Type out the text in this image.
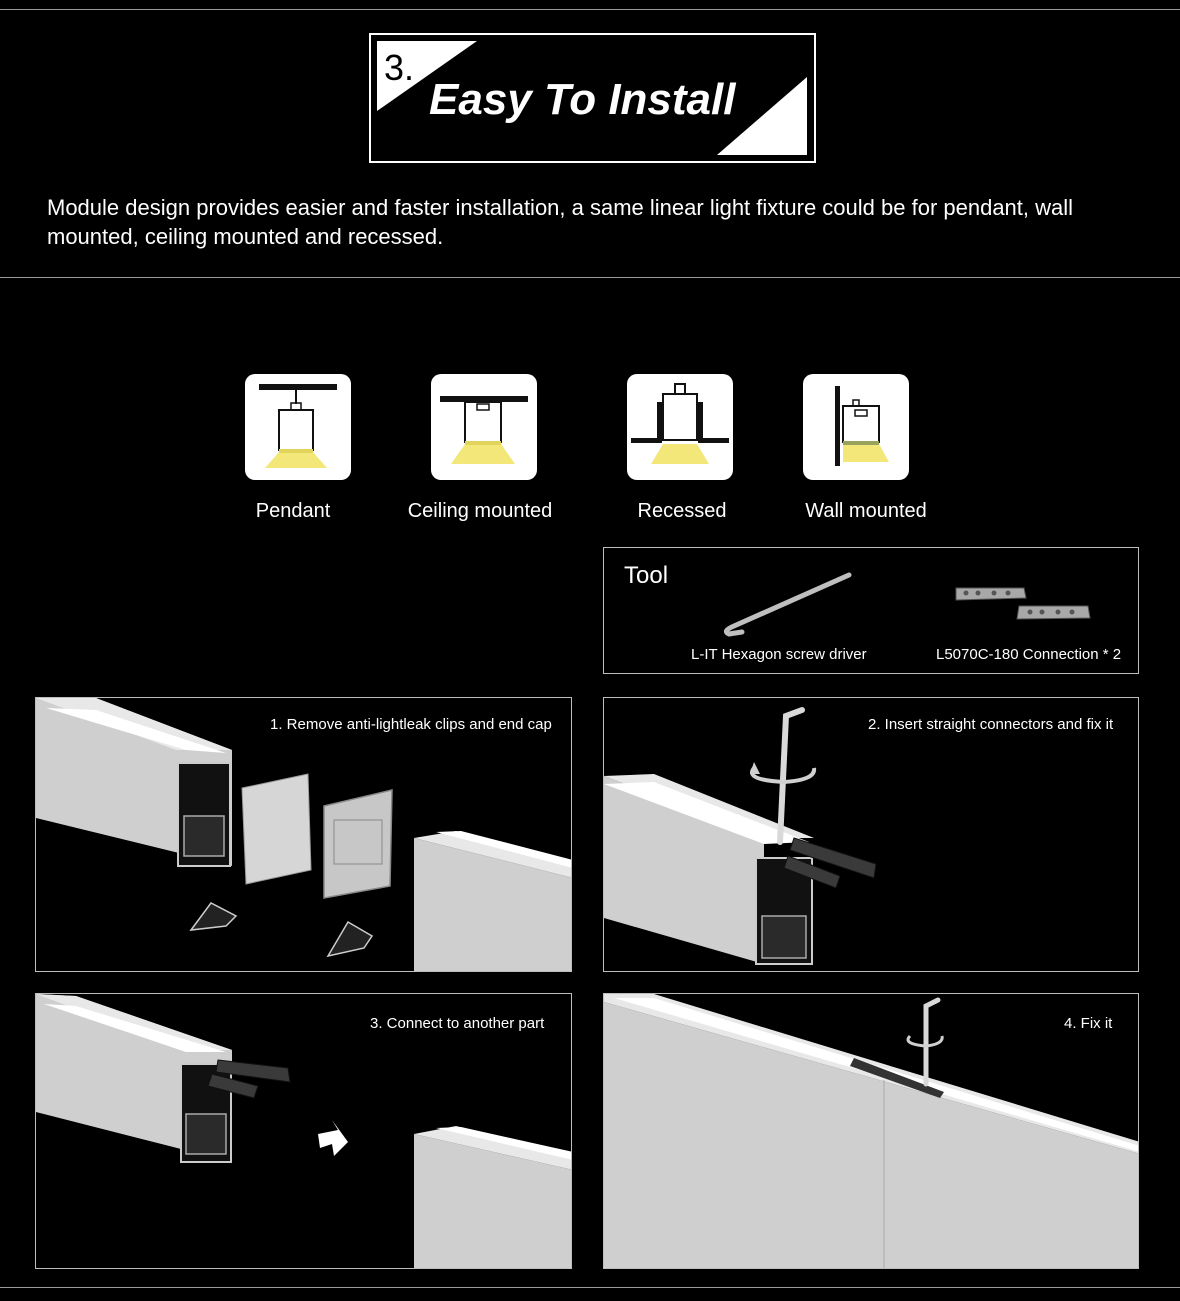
3.
Easy To Install
Module design provides easier and faster installation, a same linear light fixture could be for pendant, wall mounted, ceiling mounted and recessed.
Pendant	Ceiling mounted	Recessed	Wall mounted
Tool
L-IT Hexagon screw driver	L5070C-180 Connection * 2
1. Remove anti-lightleak clips and end cap	2. Insert straight connectors and fix it
3. Connect to another part	4. Fix it
